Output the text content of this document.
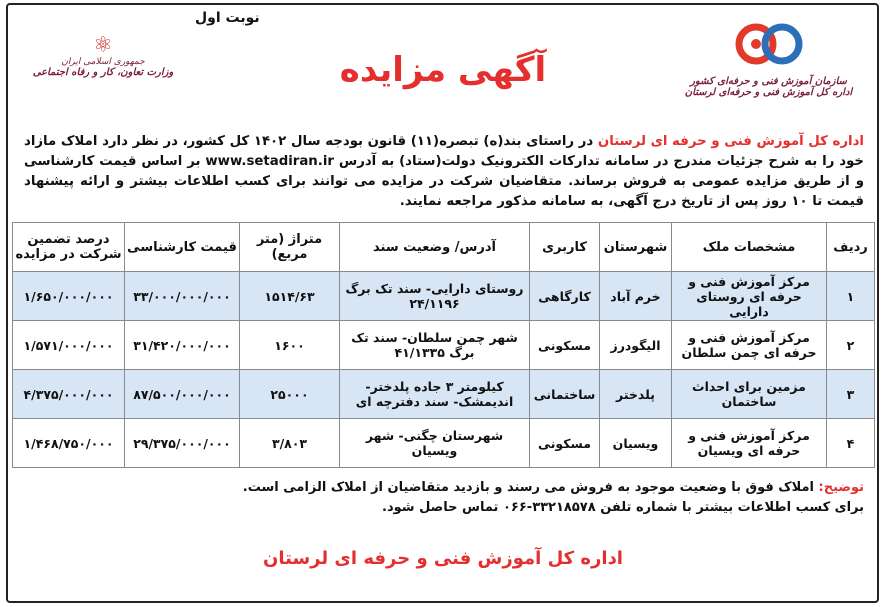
نوبت اول
⚛
جمهوری اسلامی ایران
وزارت تعاون، کار و رفاه اجتماعی	آگهی مزایده	سازمان آموزش فنی و حرفه‌ای کشور
اداره کل آموزش فنی و حرفه‌ای لرستان
اداره کل آموزش فنی و حرفه ای لرستان در راستای بند(ه) تبصره(۱۱) قانون بودجه سال ۱۴۰۲ کل کشور، در نظر دارد املاک مازاد خود را به شرح جزئیات مندرج در سامانه تدارکات الکترونیک دولت(ستاد) به آدرس www.setadiran.ir بر اساس قیمت کارشناسی و از طریق مزایده عمومی به فروش برساند. متقاضیان شرکت در مزایده می توانند برای کسب اطلاعات بیشتر و ارائه پیشنهاد قیمت تا ۱۰ روز پس از تاریخ درج آگهی، به سامانه مذکور مراجعه نمایند.
ردیف	مشخصات ملک	شهرستان	کاربری	آدرس/ وضعیت سند	متراژ (متر مربع)	قیمت کارشناسی	درصد تضمین شرکت در مزایده
۱	مرکز آموزش فنی و حرفه ای روستای دارایی	خرم آباد	کارگاهی	روستای دارایی- سند تک برگ ۲۴/۱۱۹۶	۱۵۱۴/۶۳	۳۳/۰۰۰/۰۰۰/۰۰۰	۱/۶۵۰/۰۰۰/۰۰۰
۲	مرکز آموزش فنی و حرفه ای چمن سلطان	الیگودرز	مسکونی	شهر چمن سلطان- سند تک برگ ۴۱/۱۳۳۵	۱۶۰۰	۳۱/۴۲۰/۰۰۰/۰۰۰	۱/۵۷۱/۰۰۰/۰۰۰
۳	مزمین برای احداث ساختمان	پلدختر	ساختمانی	کیلومتر ۳ جاده پلدختر- اندیمشک- سند دفترچه ای	۲۵۰۰۰	۸۷/۵۰۰/۰۰۰/۰۰۰	۴/۳۷۵/۰۰۰/۰۰۰
۴	مرکز آموزش فنی و حرفه ای ویسیان	ویسیان	مسکونی	شهرستان چگنی- شهر ویسیان	۳/۸۰۳	۲۹/۳۷۵/۰۰۰/۰۰۰	۱/۴۶۸/۷۵۰/۰۰۰
توضیح: املاک فوق با وضعیت موجود به فروش می رسند و بازدید متقاضیان از املاک الزامی است.
برای کسب اطلاعات بیشتر با شماره تلفن ۳۳۲۱۸۵۷۸-۰۶۶ تماس حاصل شود.
اداره کل آموزش فنی و حرفه ای لرستان
